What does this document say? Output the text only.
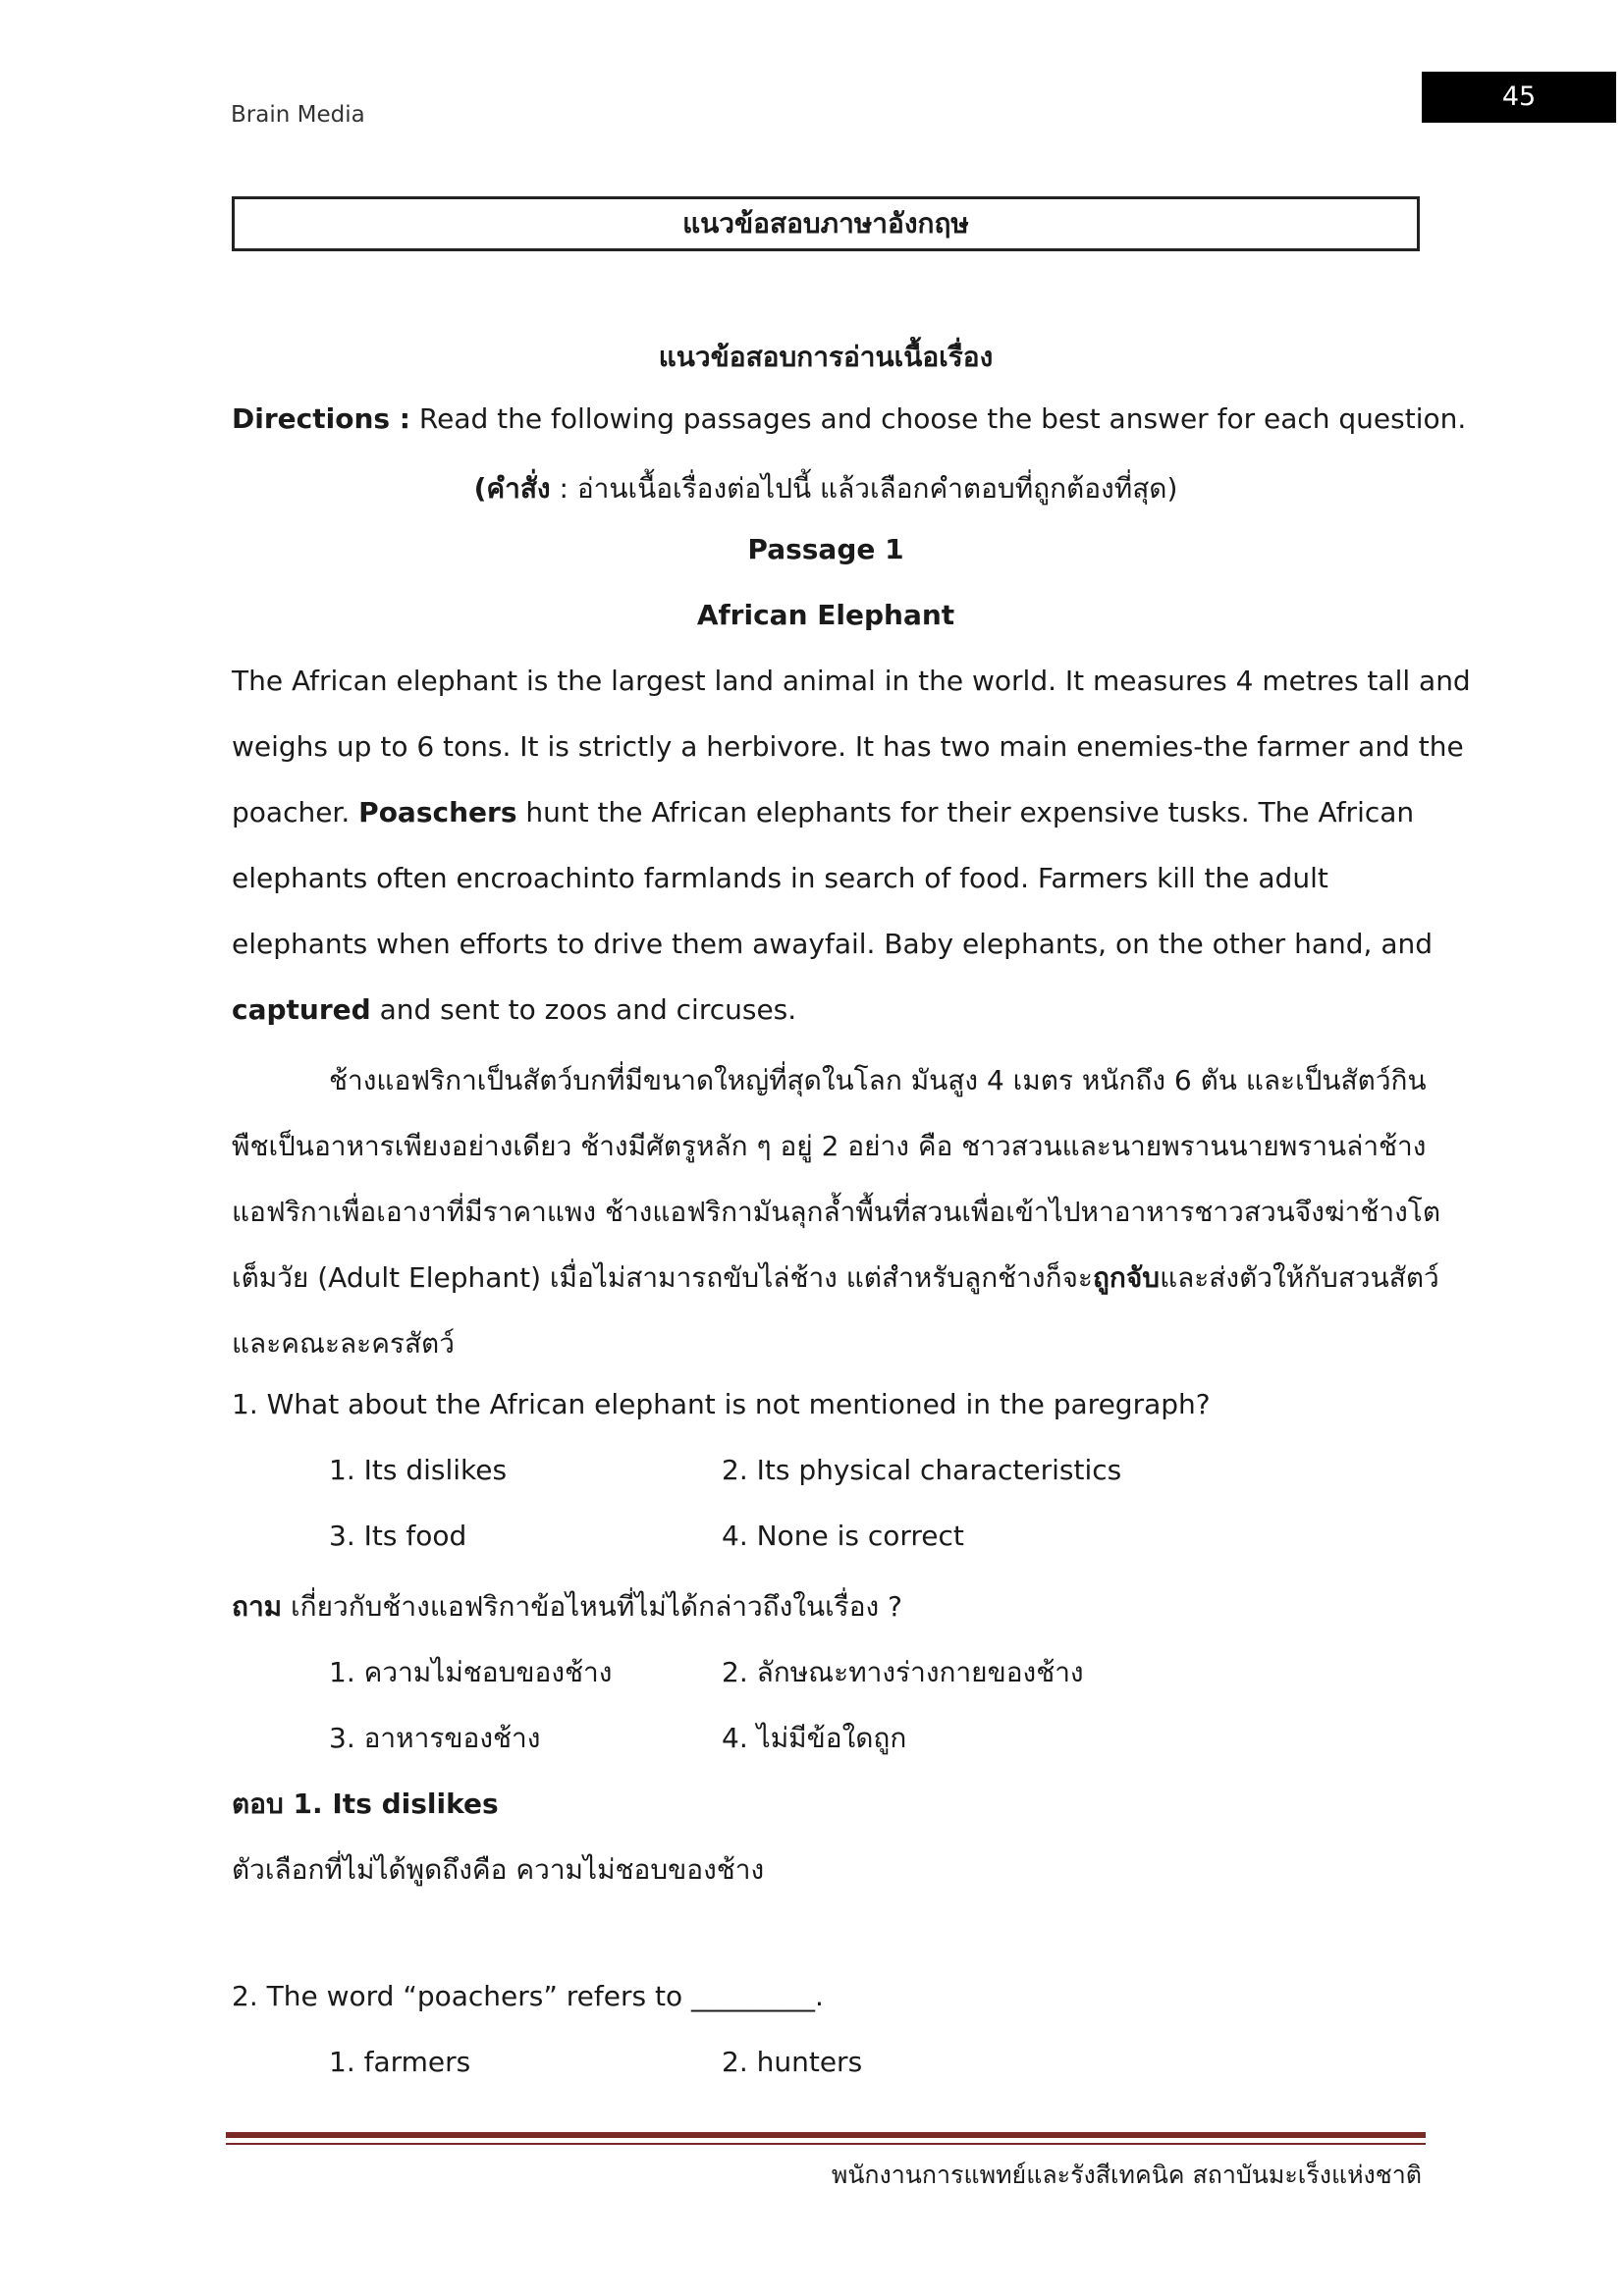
Brain Media
45
แนวข้อสอบภาษาอังกฤษ
แนวข้อสอบการอ่านเนื้อเรื่อง
Directions : Read the following passages and choose the best answer for each question.
(คำสั่ง : อ่านเนื้อเรื่องต่อไปนี้ แล้วเลือกคำตอบที่ถูกต้องที่สุด)
Passage 1
African Elephant
The African elephant is the largest land animal in the world. It measures 4 metres tall and
weighs up to 6 tons. It is strictly a herbivore. It has two main enemies-the farmer and the
poacher. Poaschers hunt the African elephants for their expensive tusks. The African
elephants often encroachinto farmlands in search of food. Farmers kill the adult
elephants when efforts to drive them awayfail. Baby elephants, on the other hand, and
captured and sent to zoos and circuses.
ช้างแอฟริกาเป็นสัตว์บกที่มีขนาดใหญ่ที่สุดในโลก มันสูง 4 เมตร หนักถึง 6 ตัน และเป็นสัตว์กิน
พืชเป็นอาหารเพียงอย่างเดียว ช้างมีศัตรูหลัก ๆ อยู่ 2 อย่าง คือ ชาวสวนและนายพรานนายพรานล่าช้าง
แอฟริกาเพื่อเอางาที่มีราคาแพง ช้างแอฟริกามันลุกล้ำพื้นที่สวนเพื่อเข้าไปหาอาหารชาวสวนจึงฆ่าช้างโต
เต็มวัย (Adult Elephant) เมื่อไม่สามารถขับไล่ช้าง แต่สำหรับลูกช้างก็จะถูกจับและส่งตัวให้กับสวนสัตว์
และคณะละครสัตว์
1. What about the African elephant is not mentioned in the paregraph?
1. Its dislikes	2. Its physical characteristics
3. Its food	4. None is correct
ถาม เกี่ยวกับช้างแอฟริกาข้อไหนที่ไม่ได้กล่าวถึงในเรื่อง ?
1. ความไม่ชอบของช้าง	2. ลักษณะทางร่างกายของช้าง
3. อาหารของช้าง	4. ไม่มีข้อใดถูก
ตอบ 1. Its dislikes
ตัวเลือกที่ไม่ได้พูดถึงคือ ความไม่ชอบของช้าง
2. The word “poachers” refers to _________.
1. farmers	2. hunters
พนักงานการแพทย์และรังสีเทคนิค สถาบันมะเร็งแห่งชาติ
